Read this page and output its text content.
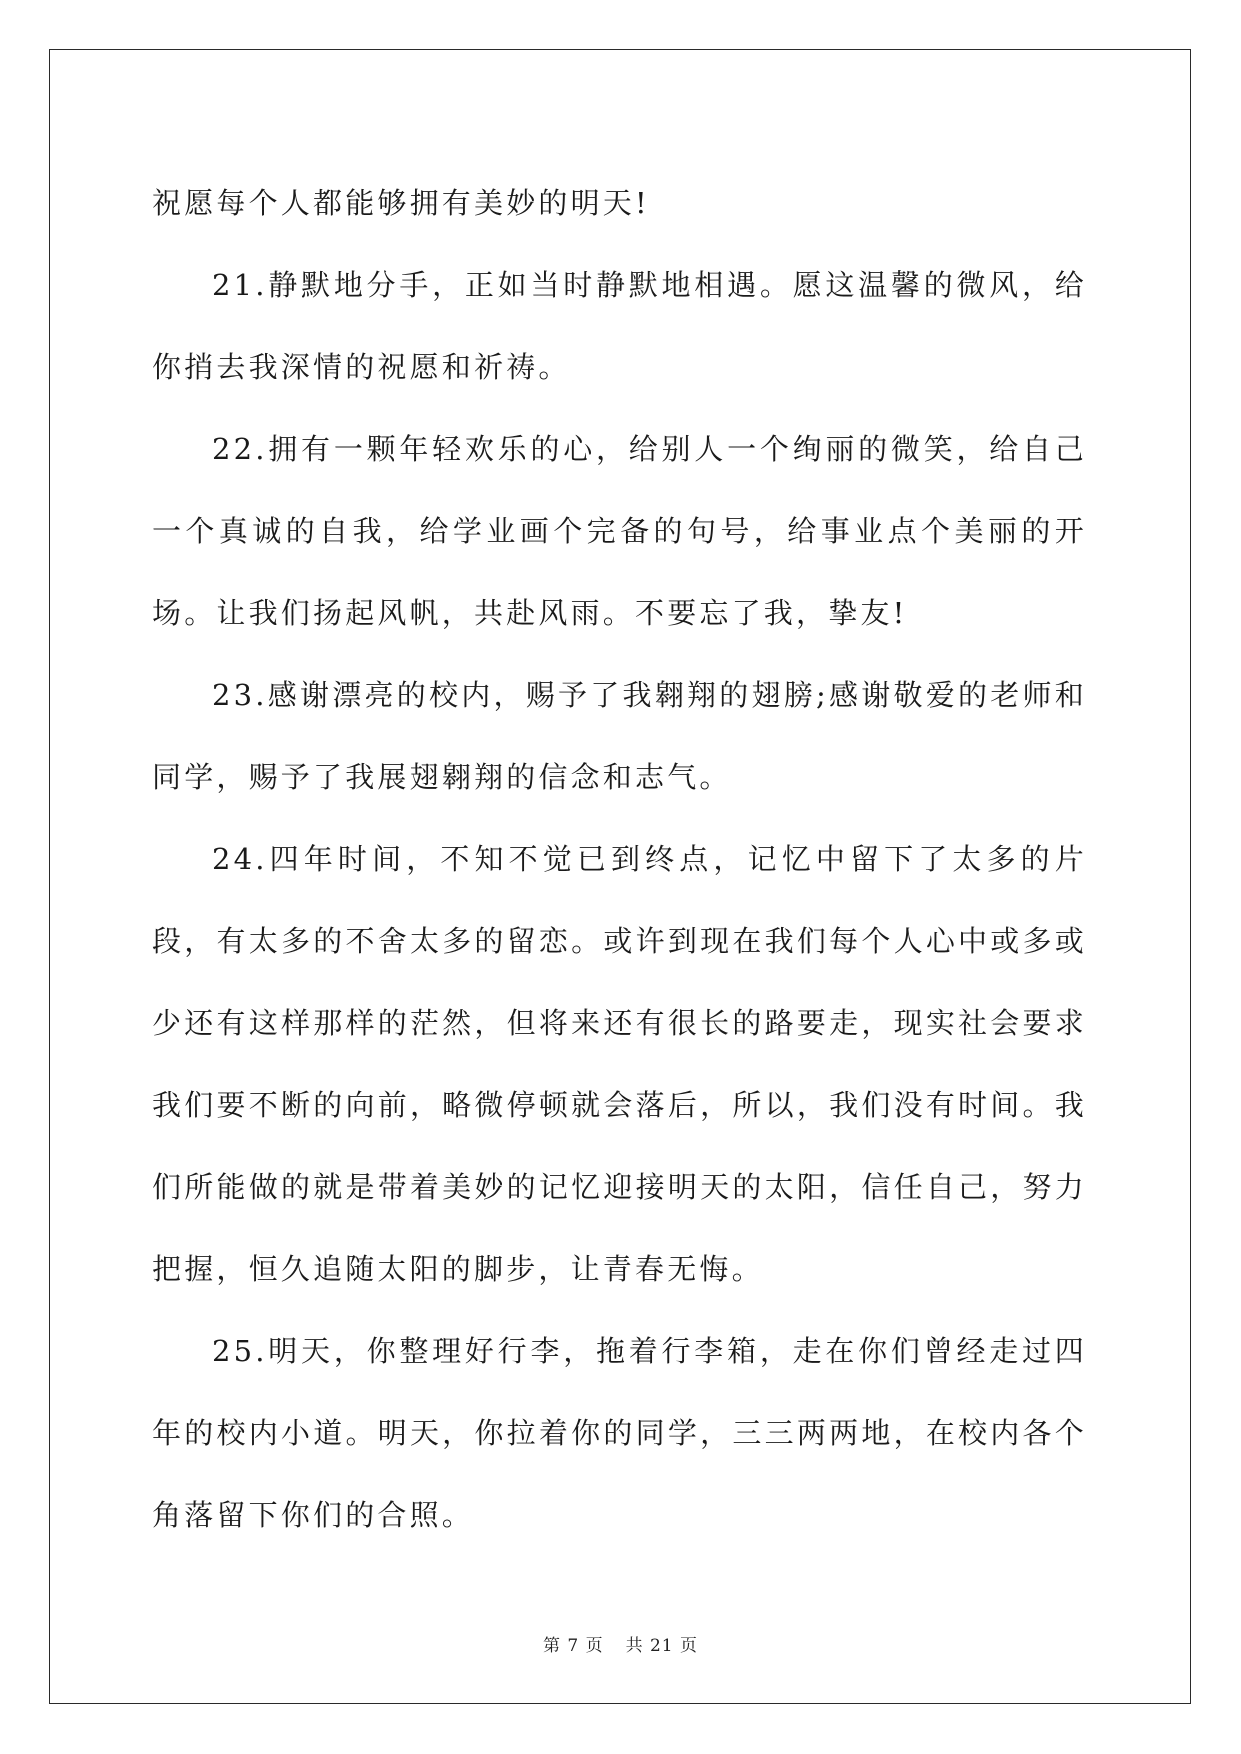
祝愿每个人都能够拥有美妙的明天!

21.静默地分手，正如当时静默地相遇。愿这温馨的微风，给你捎去我深情的祝愿和祈祷。

22.拥有一颗年轻欢乐的心，给别人一个绚丽的微笑，给自己一个真诚的自我，给学业画个完备的句号，给事业点个美丽的开场。让我们扬起风帆，共赴风雨。不要忘了我，挚友!

23.感谢漂亮的校内，赐予了我翱翔的翅膀;感谢敬爱的老师和同学，赐予了我展翅翱翔的信念和志气。

24.四年时间，不知不觉已到终点，记忆中留下了太多的片段，有太多的不舍太多的留恋。或许到现在我们每个人心中或多或少还有这样那样的茫然，但将来还有很长的路要走，现实社会要求我们要不断的向前，略微停顿就会落后，所以，我们没有时间。我们所能做的就是带着美妙的记忆迎接明天的太阳，信任自己，努力把握，恒久追随太阳的脚步，让青春无悔。

25.明天，你整理好行李，拖着行李箱，走在你们曾经走过四年的校内小道。明天，你拉着你的同学，三三两两地，在校内各个角落留下你们的合照。

第 7 页 共 21 页
